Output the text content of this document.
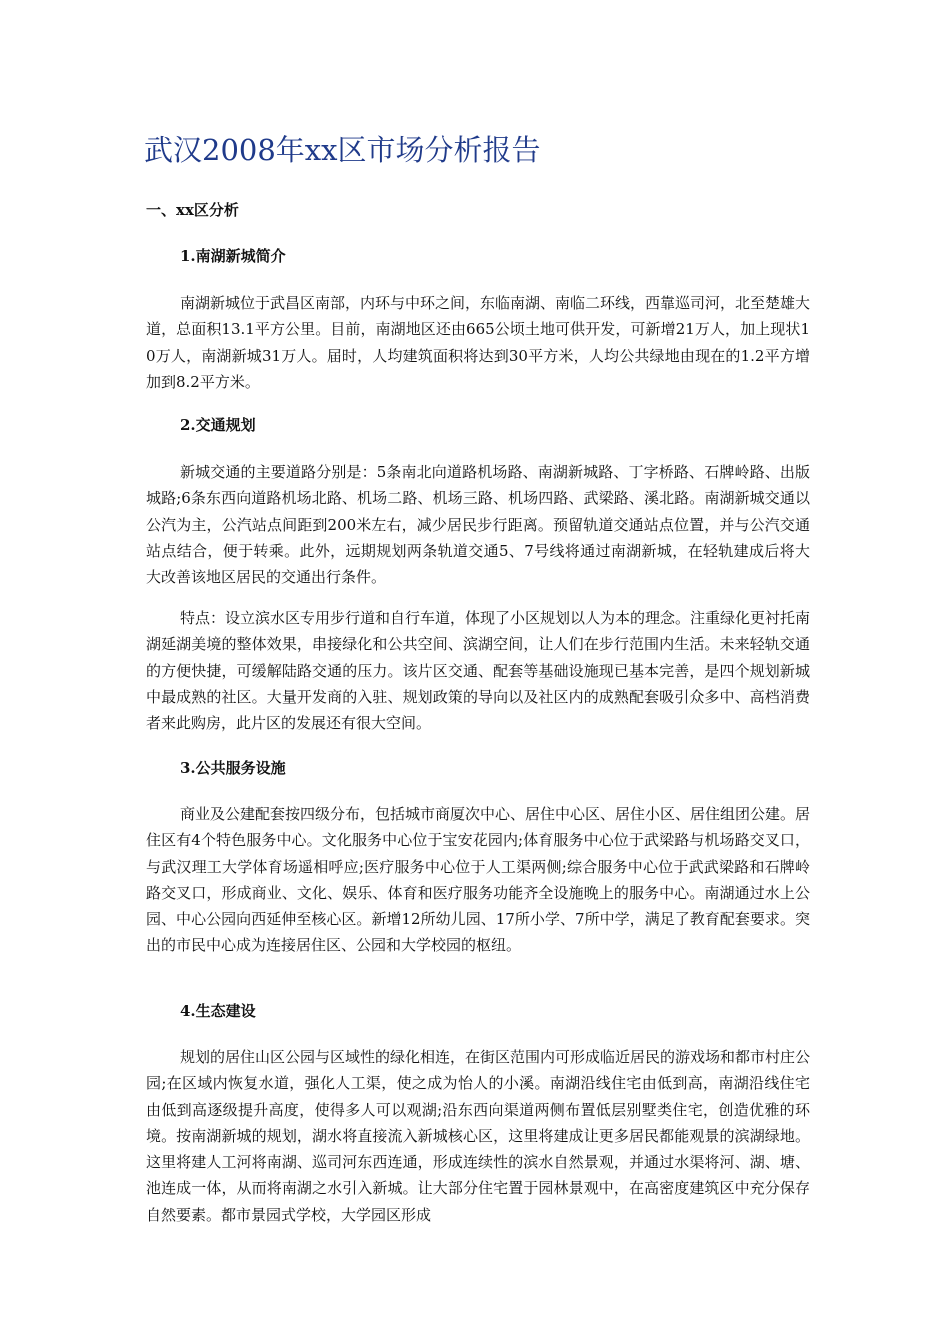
武汉2008年xx区市场分析报告
一、xx区分析
1.南湖新城简介

南湖新城位于武昌区南部，内环与中环之间，东临南湖、南临二环线，西靠巡司河，北至楚雄大道，总面积13.1平方公里。目前，南湖地区还由665公顷土地可供开发，可新增21万人，加上现状10万人，南湖新城31万人。届时，人均建筑面积将达到30平方米，人均公共绿地由现在的1.2平方增加到8.2平方米。

2.交通规划

新城交通的主要道路分别是：5条南北向道路机场路、南湖新城路、丁字桥路、石牌岭路、出版城路;6条东西向道路机场北路、机场二路、机场三路、机场四路、武梁路、溪北路。南湖新城交通以公汽为主，公汽站点间距到200米左右，减少居民步行距离。预留轨道交通站点位置，并与公汽交通站点结合，便于转乘。此外，远期规划两条轨道交通5、7号线将通过南湖新城，在轻轨建成后将大大改善该地区居民的交通出行条件。

特点：设立滨水区专用步行道和自行车道，体现了小区规划以人为本的理念。注重绿化更衬托南湖延湖美境的整体效果，串接绿化和公共空间、滨湖空间，让人们在步行范围内生活。未来轻轨交通的方便快捷，可缓解陆路交通的压力。该片区交通、配套等基础设施现已基本完善，是四个规划新城中最成熟的社区。大量开发商的入驻、规划政策的导向以及社区内的成熟配套吸引众多中、高档消费者来此购房，此片区的发展还有很大空间。

3.公共服务设施

商业及公建配套按四级分布，包括城市商厦次中心、居住中心区、居住小区、居住组团公建。居住区有4个特色服务中心。文化服务中心位于宝安花园内;体育服务中心位于武梁路与机场路交叉口，与武汉理工大学体育场遥相呼应;医疗服务中心位于人工渠两侧;综合服务中心位于武武梁路和石牌岭路交叉口，形成商业、文化、娱乐、体育和医疗服务功能齐全设施晚上的服务中心。南湖通过水上公园、中心公园向西延伸至核心区。新增12所幼儿园、17所小学、7所中学，满足了教育配套要求。突出的市民中心成为连接居住区、公园和大学校园的枢纽。

4.生态建设

规划的居住山区公园与区域性的绿化相连，在街区范围内可形成临近居民的游戏场和都市村庄公园;在区域内恢复水道，强化人工渠，使之成为怡人的小溪。南湖沿线住宅由低到高，南湖沿线住宅由低到高逐级提升高度，使得多人可以观湖;沿东西向渠道两侧布置低层别墅类住宅，创造优雅的环境。按南湖新城的规划，湖水将直接流入新城核心区，这里将建成让更多居民都能观景的滨湖绿地。这里将建人工河将南湖、巡司河东西连通，形成连续性的滨水自然景观，并通过水渠将河、湖、塘、池连成一体，从而将南湖之水引入新城。让大部分住宅置于园林景观中，在高密度建筑区中充分保存自然要素。都市景园式学校，大学园区形成
